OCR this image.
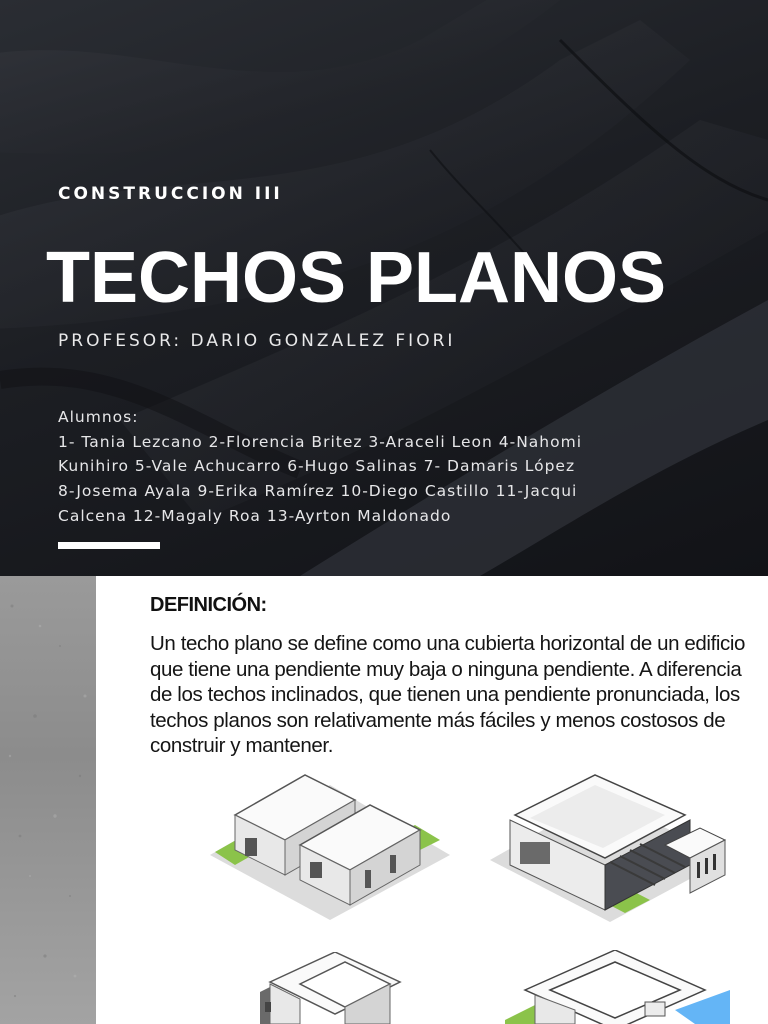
CONSTRUCCION III

TECHOS PLANOS

PROFESOR: DARIO GONZALEZ FIORI

Alumnos:
1- Tania Lezcano 2-Florencia Britez 3-Araceli Leon 4-Nahomi
Kunihiro 5-Vale Achucarro 6-Hugo Salinas 7- Damaris López
8-Josema Ayala 9-Erika Ramírez 10-Diego Castillo 11-Jacqui
Calcena 12-Magaly Roa 13-Ayrton Maldonado
DEFINICIÓN:

Un techo plano se define como una cubierta horizontal de un edificio que tiene una pendiente muy baja o ninguna pendiente. A diferencia de los techos inclinados, que tienen una pendiente pronunciada, los techos planos son relativamente más fáciles y menos costosos de construir y mantener.
